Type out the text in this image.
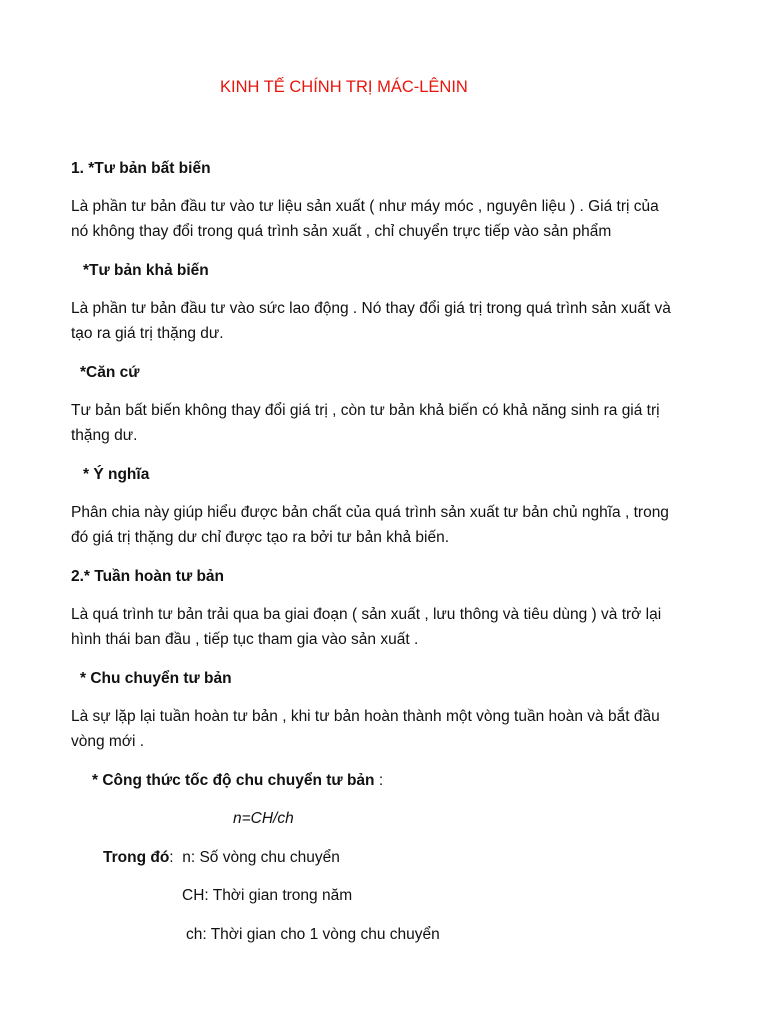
KINH TẾ CHÍNH TRỊ MÁC-LÊNIN
1. *Tư bản bất biến
Là phần tư bản đầu tư vào tư liệu sản xuất ( như máy móc , nguyên liệu ) . Giá trị của
nó không thay đổi trong quá trình sản xuất , chỉ chuyển trực tiếp vào sản phẩm
*Tư bản khả biến
Là phần tư bản đầu tư vào sức lao động . Nó thay đổi giá trị trong quá trình sản xuất và
tạo ra giá trị thặng dư.
*Căn cứ
Tư bản bất biến không thay đổi giá trị , còn tư bản khả biến có khả năng sinh ra giá trị
thặng dư.
* Ý nghĩa
Phân chia này giúp hiểu được bản chất của quá trình sản xuất tư bản chủ nghĩa , trong
đó giá trị thặng dư chỉ được tạo ra bởi tư bản khả biến.
2.* Tuần hoàn tư bản
Là quá trình tư bản trải qua ba giai đoạn ( sản xuất , lưu thông và tiêu dùng ) và trở lại
hình thái ban đầu , tiếp tục tham gia vào sản xuất .
* Chu chuyển tư bản
Là sự lặp lại tuần hoàn tư bản , khi tư bản hoàn thành một vòng tuần hoàn và bắt đầu
vòng mới .
* Công thức tốc độ chu chuyển tư bản :
n=CH/ch
Trong đó:  n: Số vòng chu chuyển
CH: Thời gian trong năm
ch: Thời gian cho 1 vòng chu chuyển
